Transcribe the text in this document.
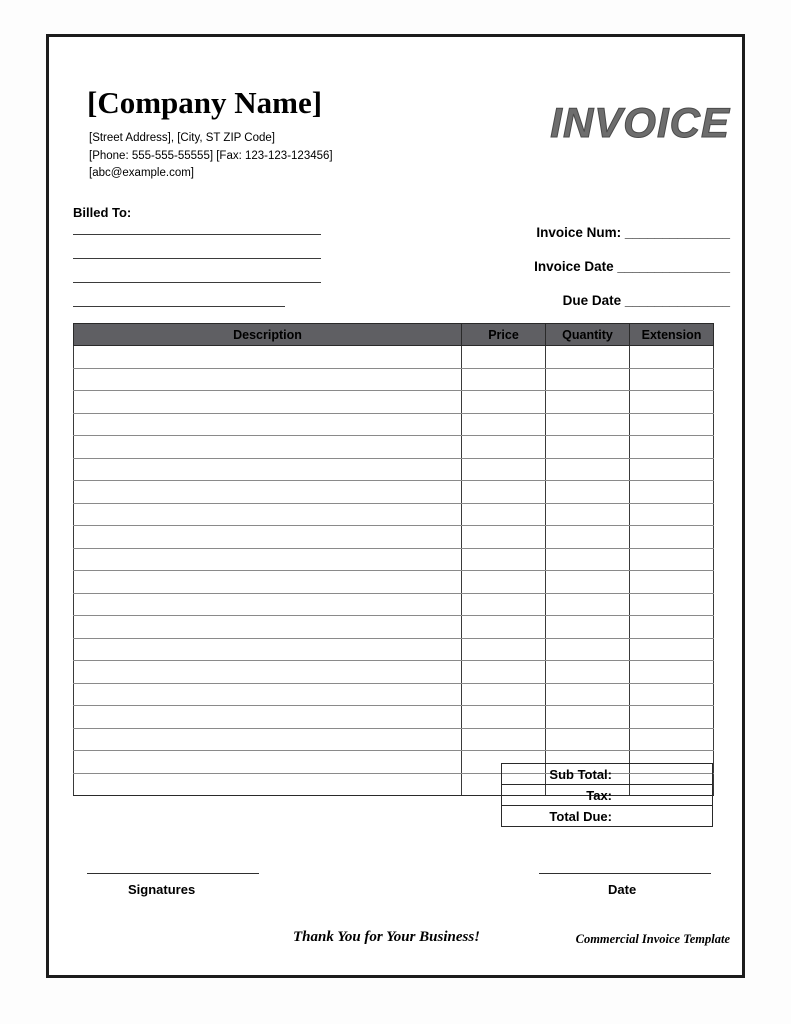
[Company Name]
[Street Address], [City, ST ZIP Code]
[Phone: 555-555-55555] [Fax: 123-123-123456]
[abc@example.com]
INVOICE
Billed To:
Invoice Num: ______________
Invoice Date _______________
Due Date ______________
Description	Price	Quantity	Extension

Sub Total:	
Tax:	
Total Due:	
Signatures	Date
Thank You for Your Business!	Commercial Invoice Template
